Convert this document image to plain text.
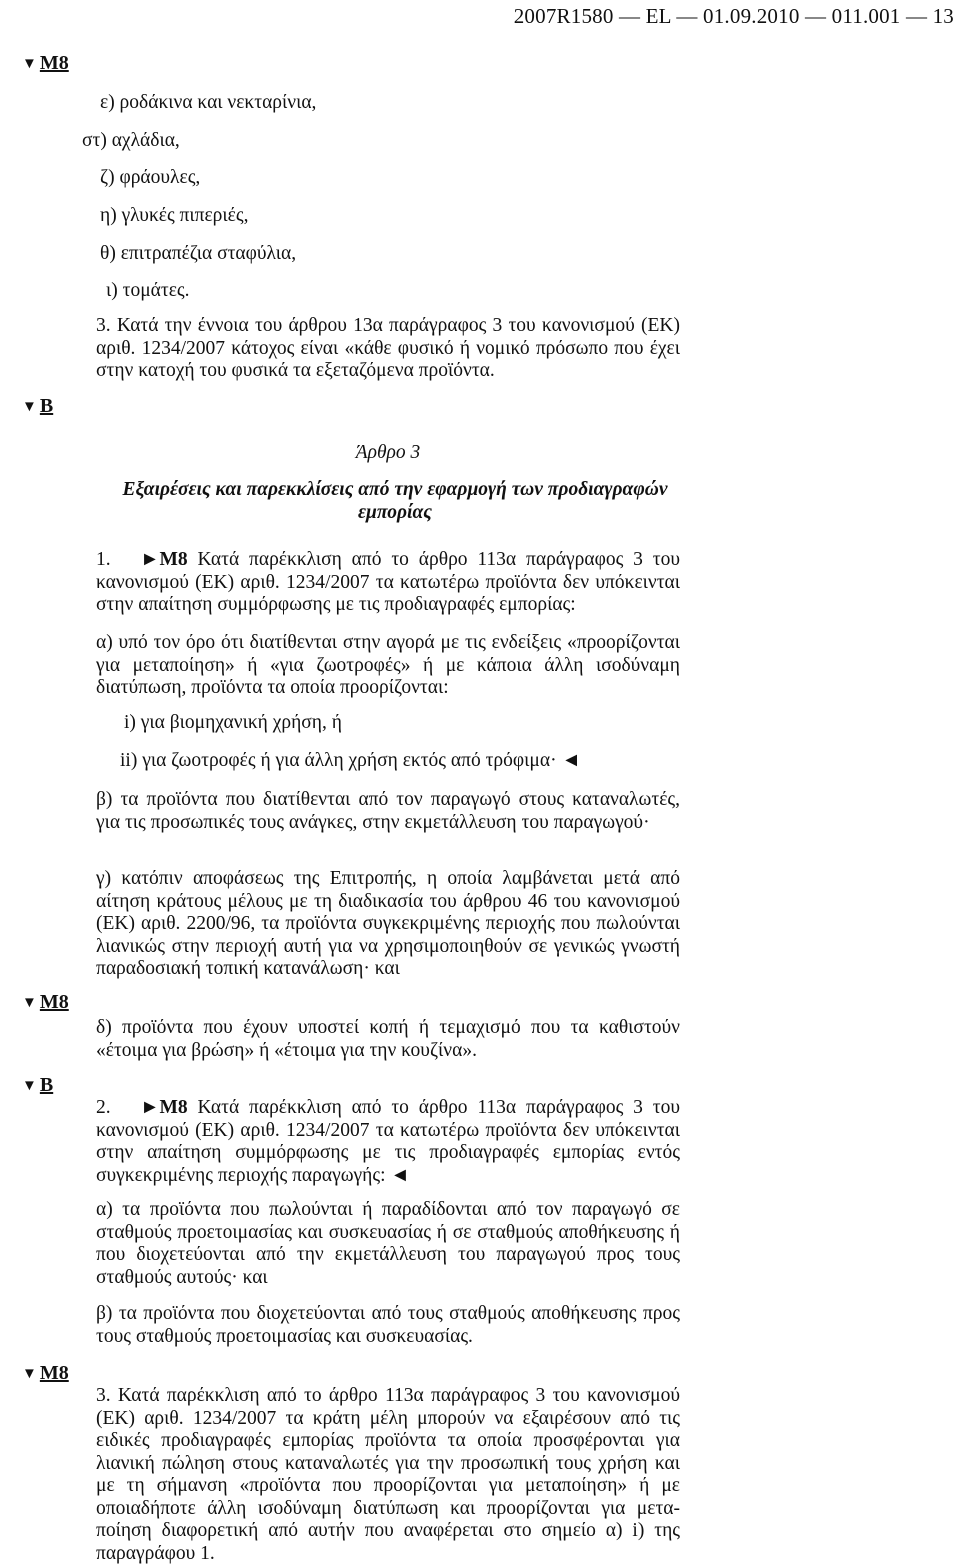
2007R1580 — EL — 01.09.2010 — 011.001 — 13
▼ M8
▼ B
▼ M8
▼ B
▼ M8
ε) ροδάκινα και νεκταρίνια,
στ) αχλάδια,
ζ) φράουλες,
η) γλυκές πιπεριές,
θ) επιτραπέζια σταφύλια,
ι) τομάτες.
3. Κατά την έννοια του άρθρου 13α παράγραφος 3 του κανονισμού (ΕΚ) αριθ. 1234/2007 κάτοχος είναι «κάθε φυσικό ή νομικό πρόσωπο που έχει στην κατοχή του φυσικά τα εξεταζόμενα προϊόντα.
Άρθρο 3
Εξαιρέσεις και παρεκκλίσεις από την εφαρμογή των προδιαγραφών εμπορίας
1. ►M8 Κατά παρέκκλιση από το άρθρο 113α παράγραφος 3 του κανονισμού (ΕΚ) αριθ. 1234/2007 τα κατωτέρω προϊόντα δεν υπόκεινται στην απαίτηση συμμόρφωσης με τις προδιαγραφές εμπορίας:
α) υπό τον όρο ότι διατίθενται στην αγορά με τις ενδείξεις «προορίζονται για μεταποίηση» ή «για ζωοτροφές» ή με κάποια άλλη ισοδύναμη διατύπωση, προϊόντα τα οποία προορίζονται:
i) για βιομηχανική χρήση, ή
ii) για ζωοτροφές ή για άλλη χρήση εκτός από τρόφιμα· ◄
β) τα προϊόντα που διατίθενται από τον παραγωγό στους καταναλωτές, για τις προσωπικές τους ανάγκες, στην εκμετάλλευση του παραγωγού·
γ) κατόπιν αποφάσεως της Επιτροπής, η οποία λαμβάνεται μετά από αίτηση κράτους μέλους με τη διαδικασία του άρθρου 46 του κανονισμού (ΕΚ) αριθ. 2200/96, τα προϊόντα συγκεκριμένης περιοχής που πωλούνται λιανικώς στην περιοχή αυτή για να χρησιμοποιηθούν σε γενικώς γνωστή παραδοσιακή τοπική κατανάλωση· και
δ) προϊόντα που έχουν υποστεί κοπή ή τεμαχισμό που τα καθιστούν «έτοιμα για βρώση» ή «έτοιμα για την κουζίνα».
2. ►M8 Κατά παρέκκλιση από το άρθρο 113α παράγραφος 3 του κανονισμού (ΕΚ) αριθ. 1234/2007 τα κατωτέρω προϊόντα δεν υπόκεινται στην απαίτηση συμμόρφωσης με τις προδιαγραφές εμπορίας εντός συγκεκριμένης περιοχής παραγωγής: ◄
α) τα προϊόντα που πωλούνται ή παραδίδονται από τον παραγωγό σε σταθμούς προετοιμασίας και συσκευασίας ή σε σταθμούς αποθήκευσης ή που διοχετεύονται από την εκμετάλλευση του παραγωγού προς τους σταθμούς αυτούς· και
β) τα προϊόντα που διοχετεύονται από τους σταθμούς αποθήκευσης προς τους σταθμούς προετοιμασίας και συσκευασίας.
3. Κατά παρέκκλιση από το άρθρο 113α παράγραφος 3 του κανονισμού (ΕΚ) αριθ. 1234/2007 τα κράτη μέλη μπορούν να εξαιρέσουν από τις ειδικές προδιαγραφές εμπορίας προϊόντα τα οποία προσφέρονται για λιανική πώληση στους καταναλωτές για την προσωπική τους χρήση και με τη σήμανση «προϊόντα που προορίζονται για μεταποίηση» ή με οποιαδήποτε άλλη ισοδύναμη διατύπωση και προορίζονται για μεταποίηση διαφορετική από αυτήν που αναφέρεται στο σημείο α) i) της παραγράφου 1.
